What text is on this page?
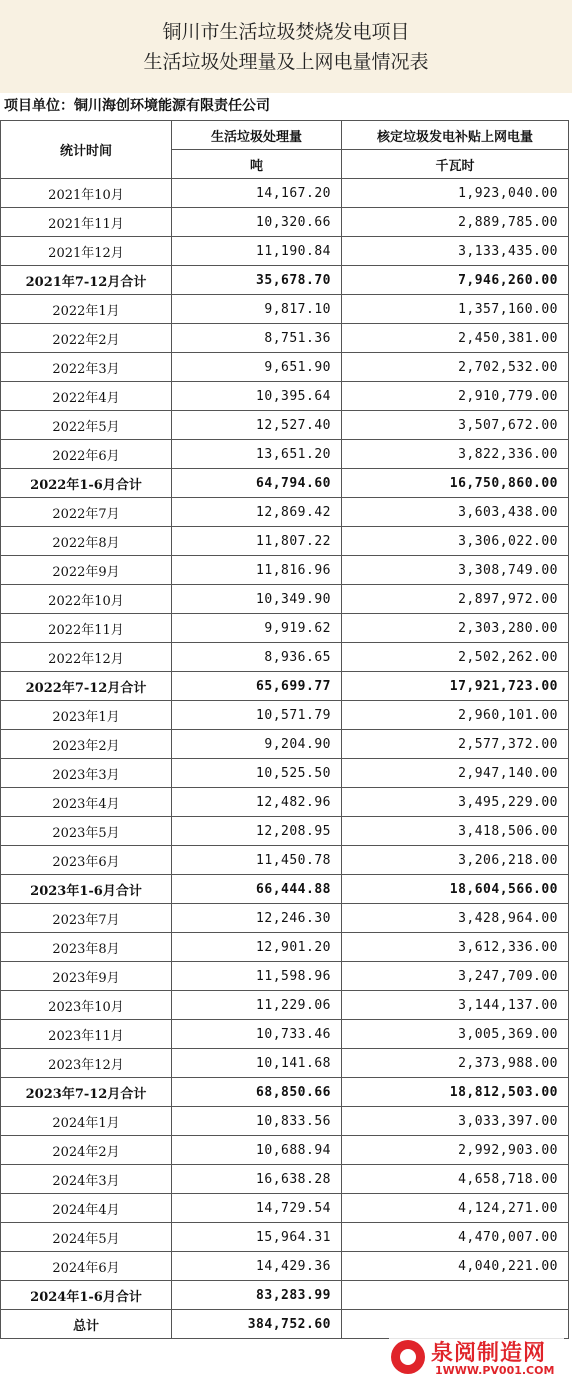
铜川市生活垃圾焚烧发电项目
生活垃圾处理量及上网电量情况表
项目单位：铜川海创环境能源有限责任公司
统计时间	生活垃圾处理量	核定垃圾发电补贴上网电量
	吨	千瓦时
2021年10月	14,167.20	1,923,040.00
2021年11月	10,320.66	2,889,785.00
2021年12月	11,190.84	3,133,435.00
2021年7-12月合计	35,678.70	7,946,260.00
2022年1月	9,817.10	1,357,160.00
2022年2月	8,751.36	2,450,381.00
2022年3月	9,651.90	2,702,532.00
2022年4月	10,395.64	2,910,779.00
2022年5月	12,527.40	3,507,672.00
2022年6月	13,651.20	3,822,336.00
2022年1-6月合计	64,794.60	16,750,860.00
2022年7月	12,869.42	3,603,438.00
2022年8月	11,807.22	3,306,022.00
2022年9月	11,816.96	3,308,749.00
2022年10月	10,349.90	2,897,972.00
2022年11月	9,919.62	2,303,280.00
2022年12月	8,936.65	2,502,262.00
2022年7-12月合计	65,699.77	17,921,723.00
2023年1月	10,571.79	2,960,101.00
2023年2月	9,204.90	2,577,372.00
2023年3月	10,525.50	2,947,140.00
2023年4月	12,482.96	3,495,229.00
2023年5月	12,208.95	3,418,506.00
2023年6月	11,450.78	3,206,218.00
2023年1-6月合计	66,444.88	18,604,566.00
2023年7月	12,246.30	3,428,964.00
2023年8月	12,901.20	3,612,336.00
2023年9月	11,598.96	3,247,709.00
2023年10月	11,229.06	3,144,137.00
2023年11月	10,733.46	3,005,369.00
2023年12月	10,141.68	2,373,988.00
2023年7-12月合计	68,850.66	18,812,503.00
2024年1月	10,833.56	3,033,397.00
2024年2月	10,688.94	2,992,903.00
2024年3月	16,638.28	4,658,718.00
2024年4月	14,729.54	4,124,271.00
2024年5月	15,964.31	4,470,007.00
2024年6月	14,429.36	4,040,221.00
2024年1-6月合计	83,283.99	
总计	384,752.60	
泉阅制造网
1WWW.PV001.COM
